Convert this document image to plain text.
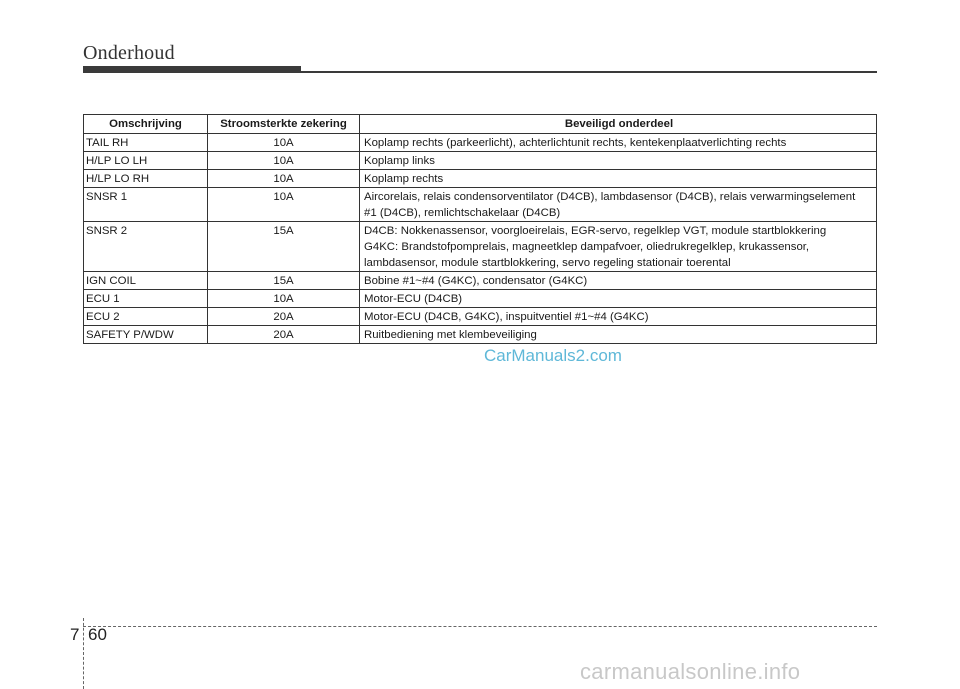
Onderhoud
Omschrijving	Stroomsterkte zekering	Beveiligd onderdeel
TAIL RH	10A	Koplamp rechts (parkeerlicht), achterlichtunit rechts, kentekenplaatverlichting rechts

H/LP LO LH	10A	Koplamp links

H/LP LO RH	10A	Koplamp rechts

SNSR 1	10A	Aircorelais, relais condensorventilator (D4CB), lambdasensor (D4CB), relais verwarmingselement
#1 (D4CB), remlichtschakelaar (D4CB)

SNSR 2	15A	D4CB: Nokkenassensor, voorgloeirelais, EGR-servo, regelklep VGT, module startblokkering
G4KC: Brandstofpomprelais, magneetklep dampafvoer, oliedrukregelklep, krukassensor,
lambdasensor, module startblokkering, servo regeling stationair toerental

IGN COIL	15A	Bobine #1~#4 (G4KC), condensator (G4KC)

ECU 1	10A	Motor-ECU (D4CB)

ECU 2	20A	Motor-ECU (D4CB, G4KC), inspuitventiel #1~#4 (G4KC)

SAFETY P/WDW	20A	Ruitbediening met klembeveiliging
CarManuals2.com
7 60
carmanualsonline.info
